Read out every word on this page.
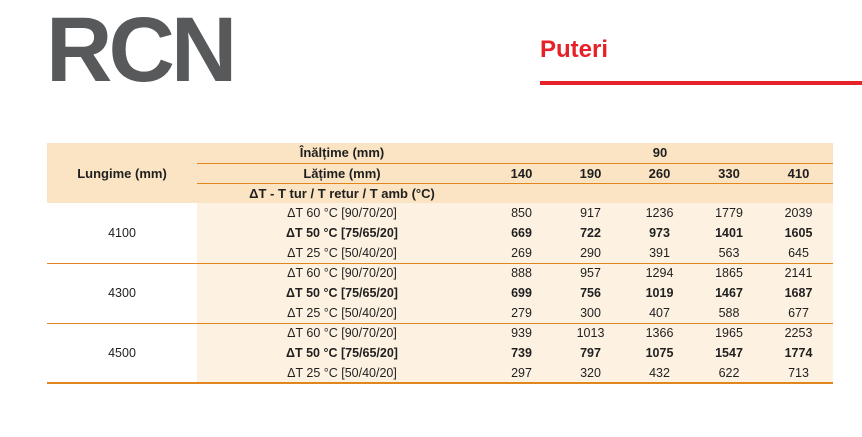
RCN	Puteri
Lungime (mm)	Înălțime (mm)	90				
	Lățime (mm)	140	190	260	330	410
	ΔT - T tur / T retur / T amb (°C)					
4100	ΔT 60 °C [90/70/20]	850	917	1236	1779	2039
	ΔT 50 °C [75/65/20]	669	722	973	1401	1605
	ΔT 25 °C [50/40/20]	269	290	391	563	645
4300	ΔT 60 °C [90/70/20]	888	957	1294	1865	2141
	ΔT 50 °C [75/65/20]	699	756	1019	1467	1687
	ΔT 25 °C [50/40/20]	279	300	407	588	677
4500	ΔT 60 °C [90/70/20]	939	1013	1366	1965	2253
	ΔT 50 °C [75/65/20]	739	797	1075	1547	1774
	ΔT 25 °C [50/40/20]	297	320	432	622	713
